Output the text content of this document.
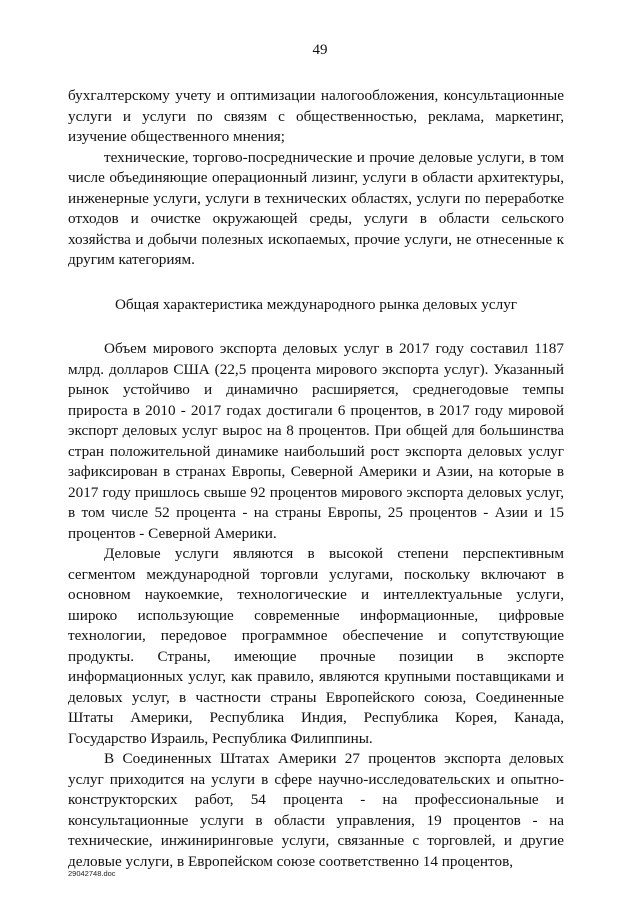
49

бухгалтерскому учету и оптимизации налогообложения, консультационные услуги и услуги по связям с общественностью, реклама, маркетинг, изучение общественного мнения;

технические, торгово-посреднические и прочие деловые услуги, в том числе объединяющие операционный лизинг, услуги в области архитектуры, инженерные услуги, услуги в технических областях, услуги по переработке отходов и очистке окружающей среды, услуги в области сельского хозяйства и добычи полезных ископаемых, прочие услуги, не отнесенные к другим категориям.

Общая характеристика международного рынка деловых услуг

Объем мирового экспорта деловых услуг в 2017 году составил 1187 млрд. долларов США (22,5 процента мирового экспорта услуг). Указанный рынок устойчиво и динамично расширяется, среднегодовые темпы прироста в 2010 - 2017 годах достигали 6 процентов, в 2017 году мировой экспорт деловых услуг вырос на 8 процентов. При общей для большинства стран положительной динамике наибольший рост экспорта деловых услуг зафиксирован в странах Европы, Северной Америки и Азии, на которые в 2017 году пришлось свыше 92 процентов мирового экспорта деловых услуг, в том числе 52 процента - на страны Европы, 25 процентов - Азии и 15 процентов - Северной Америки.

Деловые услуги являются в высокой степени перспективным сегментом международной торговли услугами, поскольку включают в основном наукоемкие, технологические и интеллектуальные услуги, широко использующие современные информационные, цифровые технологии, передовое программное обеспечение и сопутствующие продукты. Страны, имеющие прочные позиции в экспорте информационных услуг, как правило, являются крупными поставщиками и деловых услуг, в частности страны Европейского союза, Соединенные Штаты Америки, Республика Индия, Республика Корея, Канада, Государство Израиль, Республика Филиппины.

В Соединенных Штатах Америки 27 процентов экспорта деловых услуг приходится на услуги в сфере научно-исследовательских и опытно-конструкторских работ, 54 процента - на профессиональные и консультационные услуги в области управления, 19 процентов - на технические, инжиниринговые услуги, связанные с торговлей, и другие деловые услуги, в Европейском союзе соответственно 14 процентов,

29042748.doc
